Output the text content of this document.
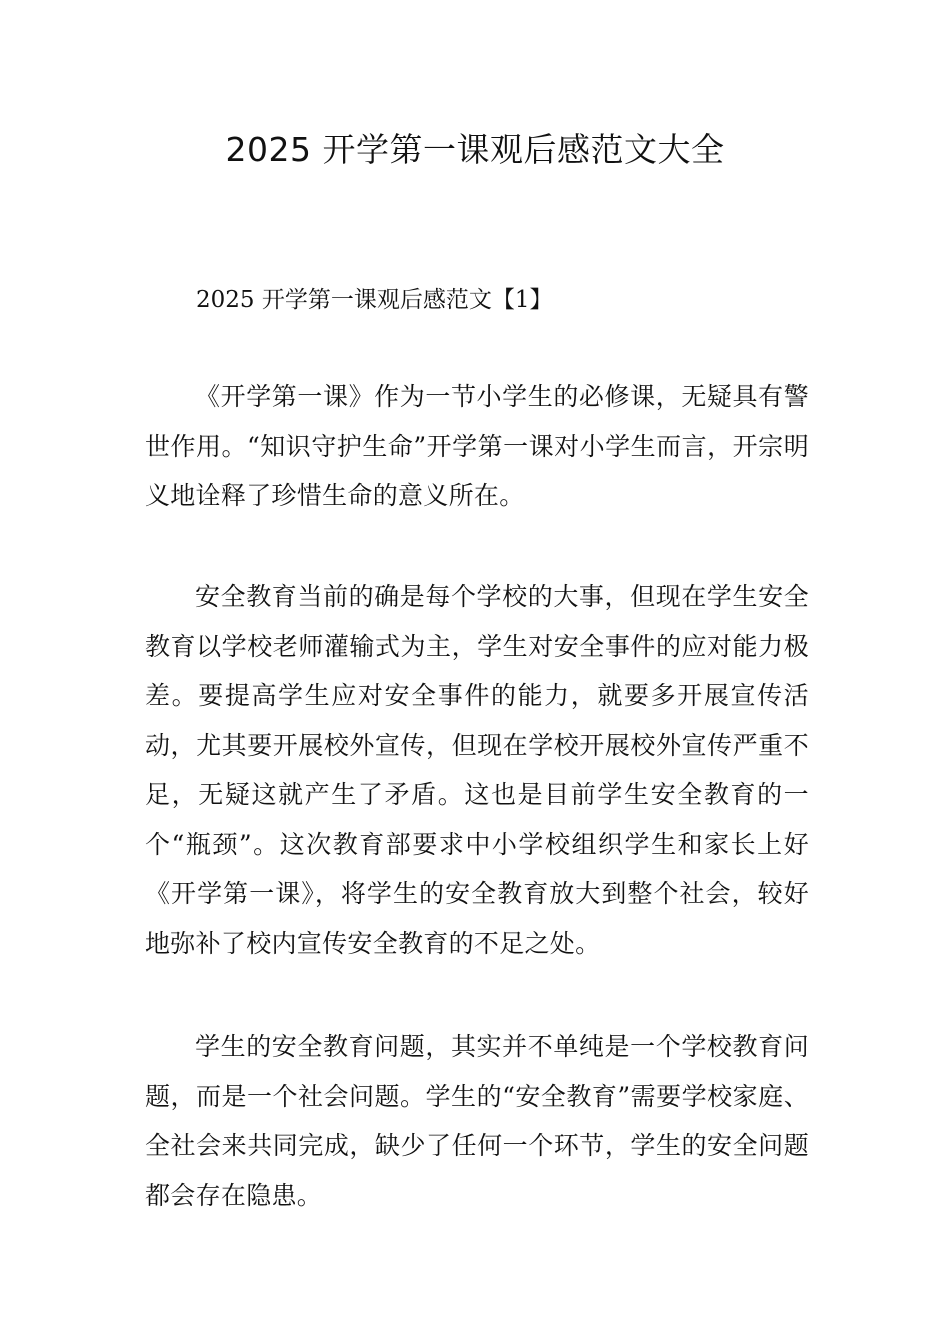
2025 开学第一课观后感范文大全
2025 开学第一课观后感范文【1】

《开学第一课》作为一节小学生的必修课，无疑具有警世作用。“知识守护生命”开学第一课对小学生而言，开宗明义地诠释了珍惜生命的意义所在。

安全教育当前的确是每个学校的大事，但现在学生安全教育以学校老师灌输式为主，学生对安全事件的应对能力极差。要提高学生应对安全事件的能力，就要多开展宣传活动，尤其要开展校外宣传，但现在学校开展校外宣传严重不足，无疑这就产生了矛盾。这也是目前学生安全教育的一个“瓶颈”。这次教育部要求中小学校组织学生和家长上好《开学第一课》，将学生的安全教育放大到整个社会，较好地弥补了校内宣传安全教育的不足之处。

学生的安全教育问题，其实并不单纯是一个学校教育问题，而是一个社会问题。学生的“安全教育”需要学校家庭、全社会来共同完成，缺少了任何一个环节，学生的安全问题都会存在隐患。
